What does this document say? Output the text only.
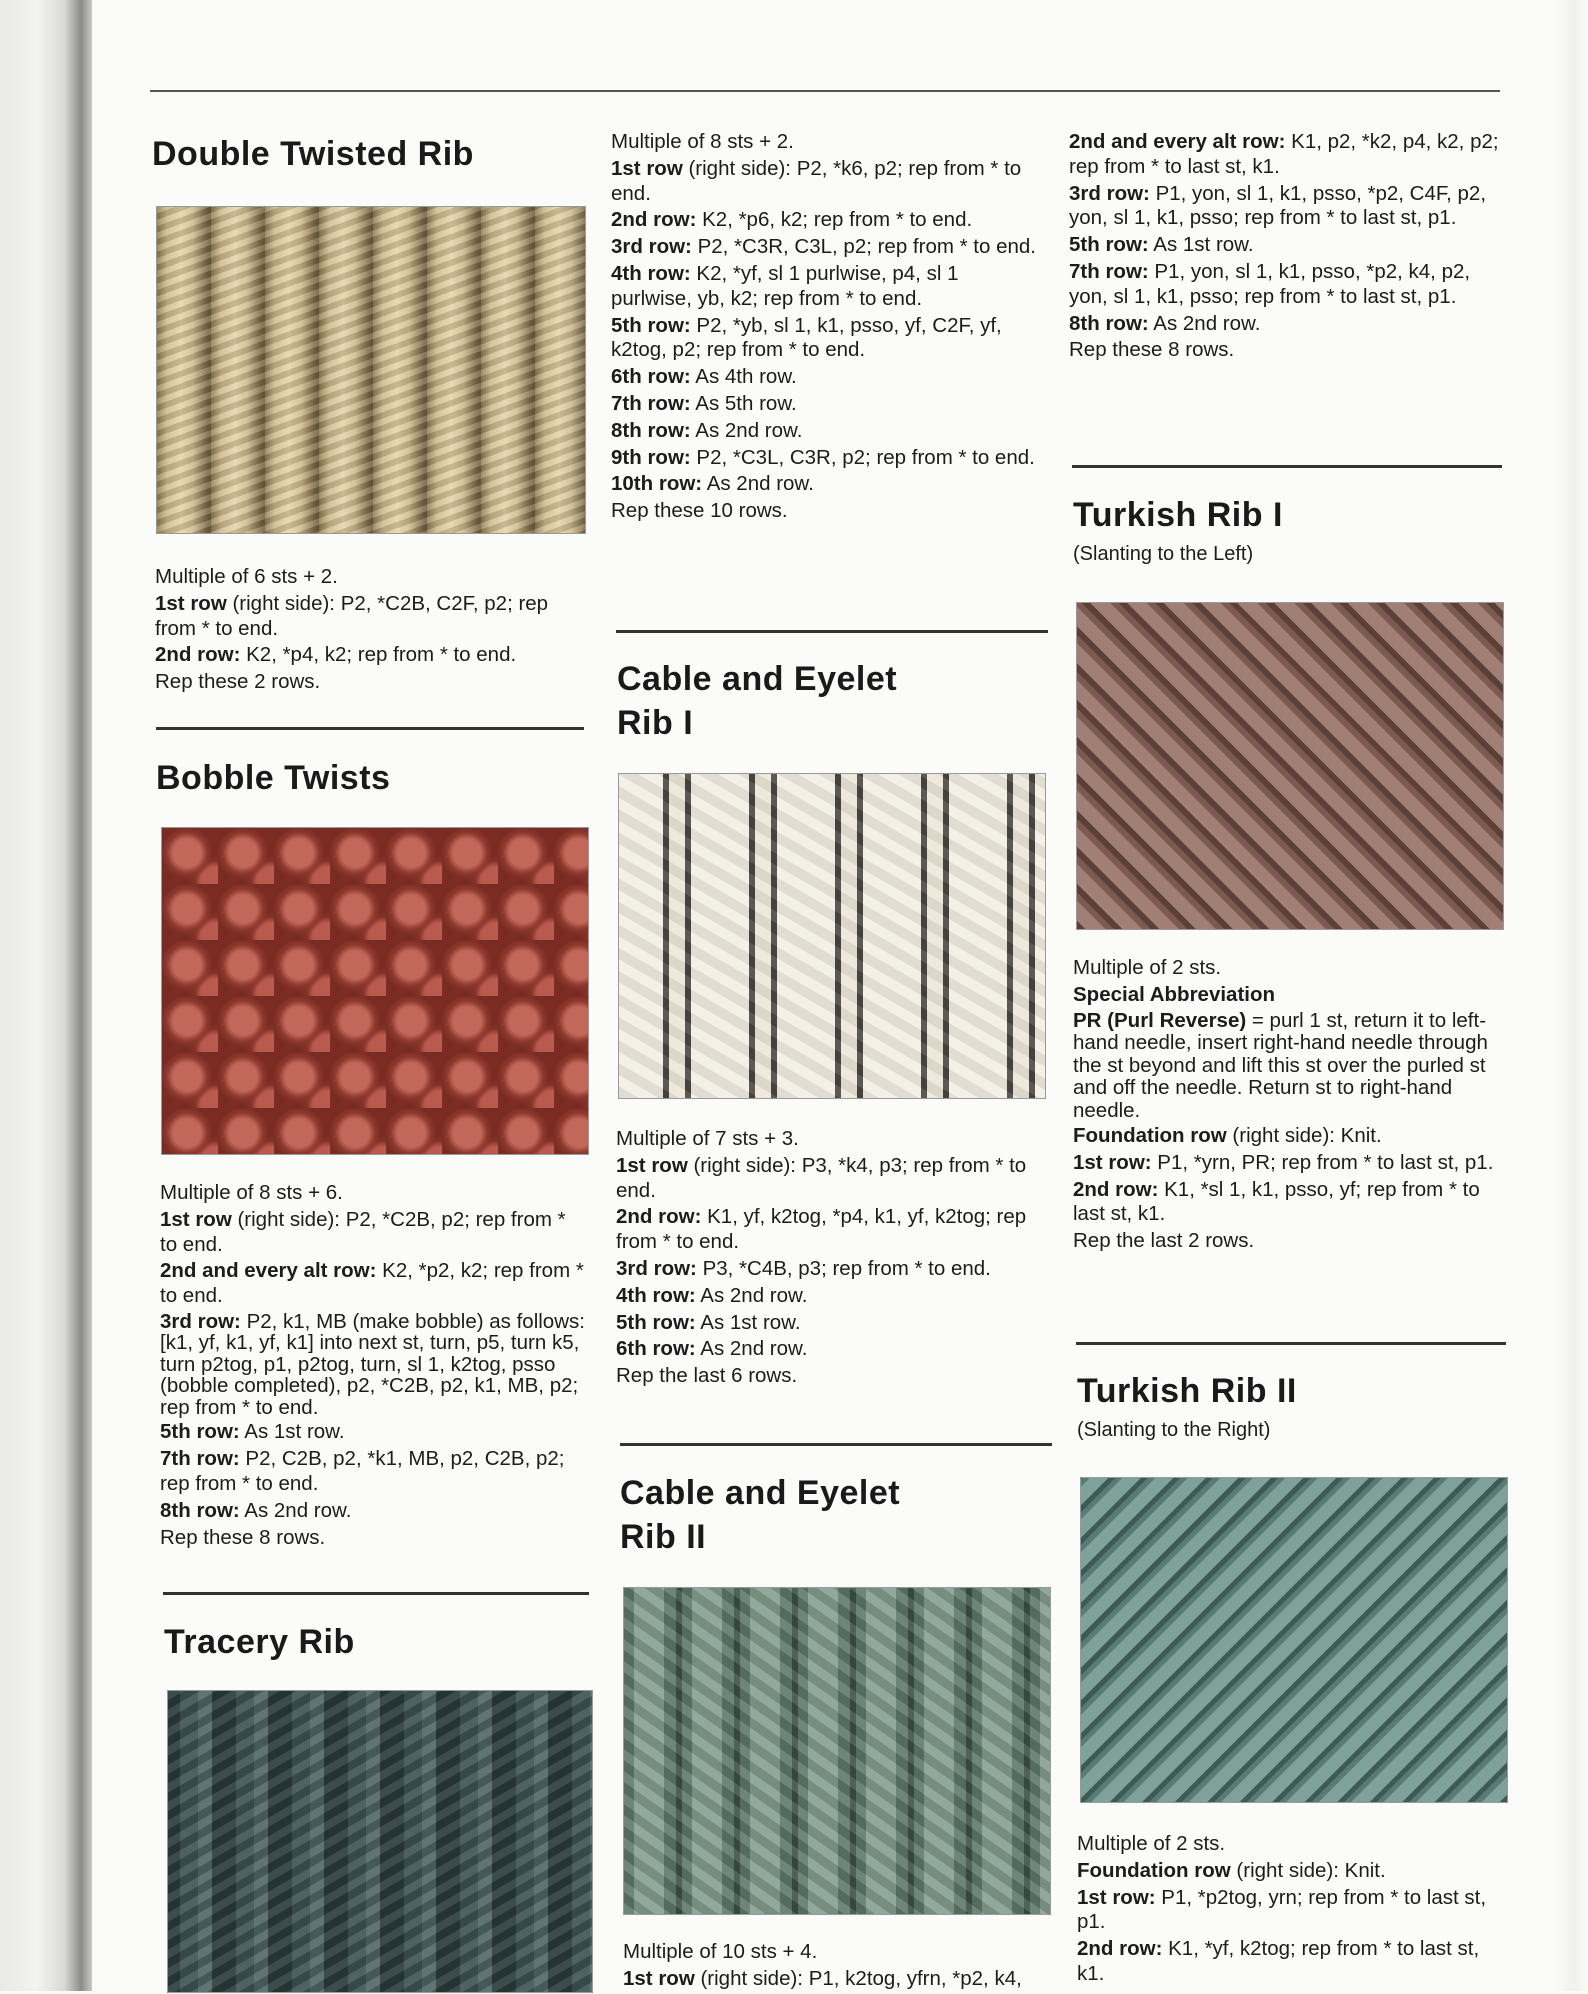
Double Twisted Rib

Multiple of 6 sts + 2.

1st row (right side): P2, *C2B, C2F, p2; rep from * to end.

2nd row: K2, *p4, k2; rep from * to end.

Rep these 2 rows.

Bobble Twists

Multiple of 8 sts + 6.

1st row (right side): P2, *C2B, p2; rep from * to end.

2nd and every alt row: K2, *p2, k2; rep from * to end.

3rd row: P2, k1, MB (make bobble) as follows: [k1, yf, k1, yf, k1] into next st, turn, p5, turn k5, turn p2tog, p1, p2tog, turn, sl 1, k2tog, psso (bobble completed), p2, *C2B, p2, k1, MB, p2; rep from * to end.

5th row: As 1st row.

7th row: P2, C2B, p2, *k1, MB, p2, C2B, p2; rep from * to end.

8th row: As 2nd row.

Rep these 8 rows.

Tracery Rib

Multiple of 8 sts + 2.

1st row (right side): P2, *k6, p2; rep from * to end.

2nd row: K2, *p6, k2; rep from * to end.

3rd row: P2, *C3R, C3L, p2; rep from * to end.

4th row: K2, *yf, sl 1 purlwise, p4, sl 1 purlwise, yb, k2; rep from * to end.

5th row: P2, *yb, sl 1, k1, psso, yf, C2F, yf, k2tog, p2; rep from * to end.

6th row: As 4th row.

7th row: As 5th row.

8th row: As 2nd row.

9th row: P2, *C3L, C3R, p2; rep from * to end.

10th row: As 2nd row.

Rep these 10 rows.

Cable and Eyelet
Rib I

Multiple of 7 sts + 3.

1st row (right side): P3, *k4, p3; rep from * to end.

2nd row: K1, yf, k2tog, *p4, k1, yf, k2tog; rep from * to end.

3rd row: P3, *C4B, p3; rep from * to end.

4th row: As 2nd row.

5th row: As 1st row.

6th row: As 2nd row.

Rep the last 6 rows.

Cable and Eyelet
Rib II

Multiple of 10 sts + 4.

1st row (right side): P1, k2tog, yfrn, *p2, k4,

2nd and every alt row: K1, p2, *k2, p4, k2, p2; rep from * to last st, k1.

3rd row: P1, yon, sl 1, k1, psso, *p2, C4F, p2, yon, sl 1, k1, psso; rep from * to last st, p1.

5th row: As 1st row.

7th row: P1, yon, sl 1, k1, psso, *p2, k4, p2, yon, sl 1, k1, psso; rep from * to last st, p1.

8th row: As 2nd row.

Rep these 8 rows.

Turkish Rib I

(Slanting to the Left)

Multiple of 2 sts.

Special Abbreviation

PR (Purl Reverse) = purl 1 st, return it to left-hand needle, insert right-hand needle through the st beyond and lift this st over the purled st and off the needle. Return st to right-hand needle.

Foundation row (right side): Knit.

1st row: P1, *yrn, PR; rep from * to last st, p1.

2nd row: K1, *sl 1, k1, psso, yf; rep from * to last st, k1.

Rep the last 2 rows.

Turkish Rib II

(Slanting to the Right)

Multiple of 2 sts.

Foundation row (right side): Knit.

1st row: P1, *p2tog, yrn; rep from * to last st, p1.

2nd row: K1, *yf, k2tog; rep from * to last st, k1.
